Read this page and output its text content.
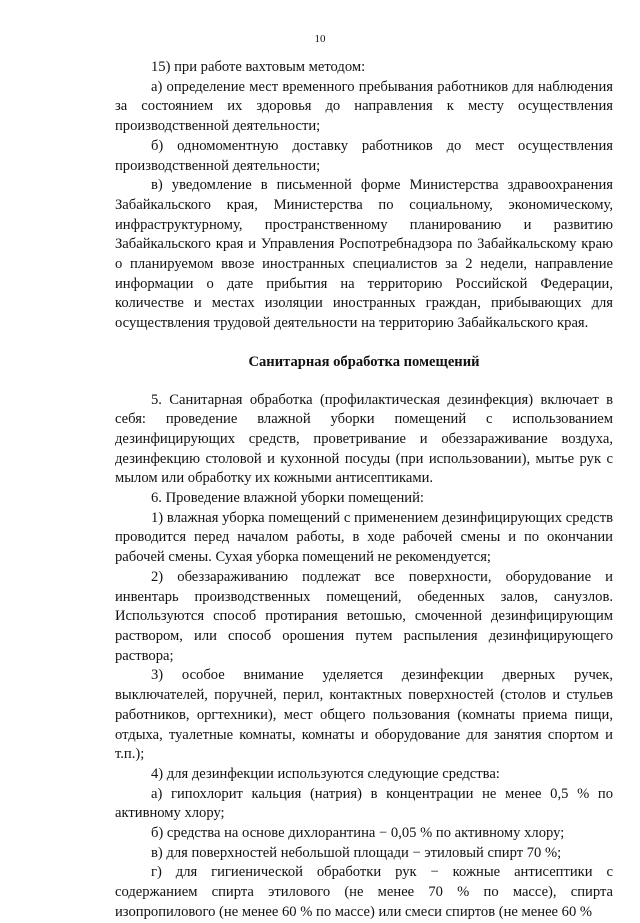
10

15) при работе вахтовым методом:

а) определение мест временного пребывания работников для наблюдения за состоянием их здоровья до направления к месту осуществления производственной деятельности;

б) одномоментную доставку работников до мест осуществления производственной деятельности;

в) уведомление в письменной форме Министерства здравоохранения Забайкальского края, Министерства по социальному, экономическому, инфраструктурному, пространственному планированию и развитию Забайкальского края и Управления Роспотребнадзора по Забайкальскому краю о планируемом ввозе иностранных специалистов за 2 недели, направление информации о дате прибытия на территорию Российской Федерации, количестве и местах изоляции иностранных граждан, прибывающих для осуществления трудовой деятельности на территорию Забайкальского края.

Санитарная обработка помещений

5. Санитарная обработка (профилактическая дезинфекция) включает в себя: проведение влажной уборки помещений с использованием дезинфицирующих средств, проветривание и обеззараживание воздуха, дезинфекцию столовой и кухонной посуды (при использовании), мытье рук с мылом или обработку их кожными антисептиками.

6. Проведение влажной уборки помещений:

1) влажная уборка помещений с применением дезинфицирующих средств проводится перед началом работы, в ходе рабочей смены и по окончании рабочей смены. Сухая уборка помещений не рекомендуется;

2) обеззараживанию подлежат все поверхности, оборудование и инвентарь производственных помещений, обеденных залов, санузлов. Используются способ протирания ветошью, смоченной дезинфицирующим раствором, или способ орошения путем распыления дезинфицирующего раствора;

3) особое внимание уделяется дезинфекции дверных ручек, выключателей, поручней, перил, контактных поверхностей (столов и стульев работников, оргтехники), мест общего пользования (комнаты приема пищи, отдыха, туалетные комнаты, комнаты и оборудование для занятия спортом и т.п.);

4) для дезинфекции используются следующие средства:

а) гипохлорит кальция (натрия) в концентрации не менее 0,5 % по активному хлору;

б) средства на основе дихлорантина − 0,05 % по активному хлору;

в) для поверхностей небольшой площади − этиловый спирт 70 %;

г) для гигиенической обработки рук − кожные антисептики с содержанием спирта этилового (не менее 70 % по массе), спирта изопропилового (не менее 60 % по массе) или смеси спиртов (не менее 60 %

·
